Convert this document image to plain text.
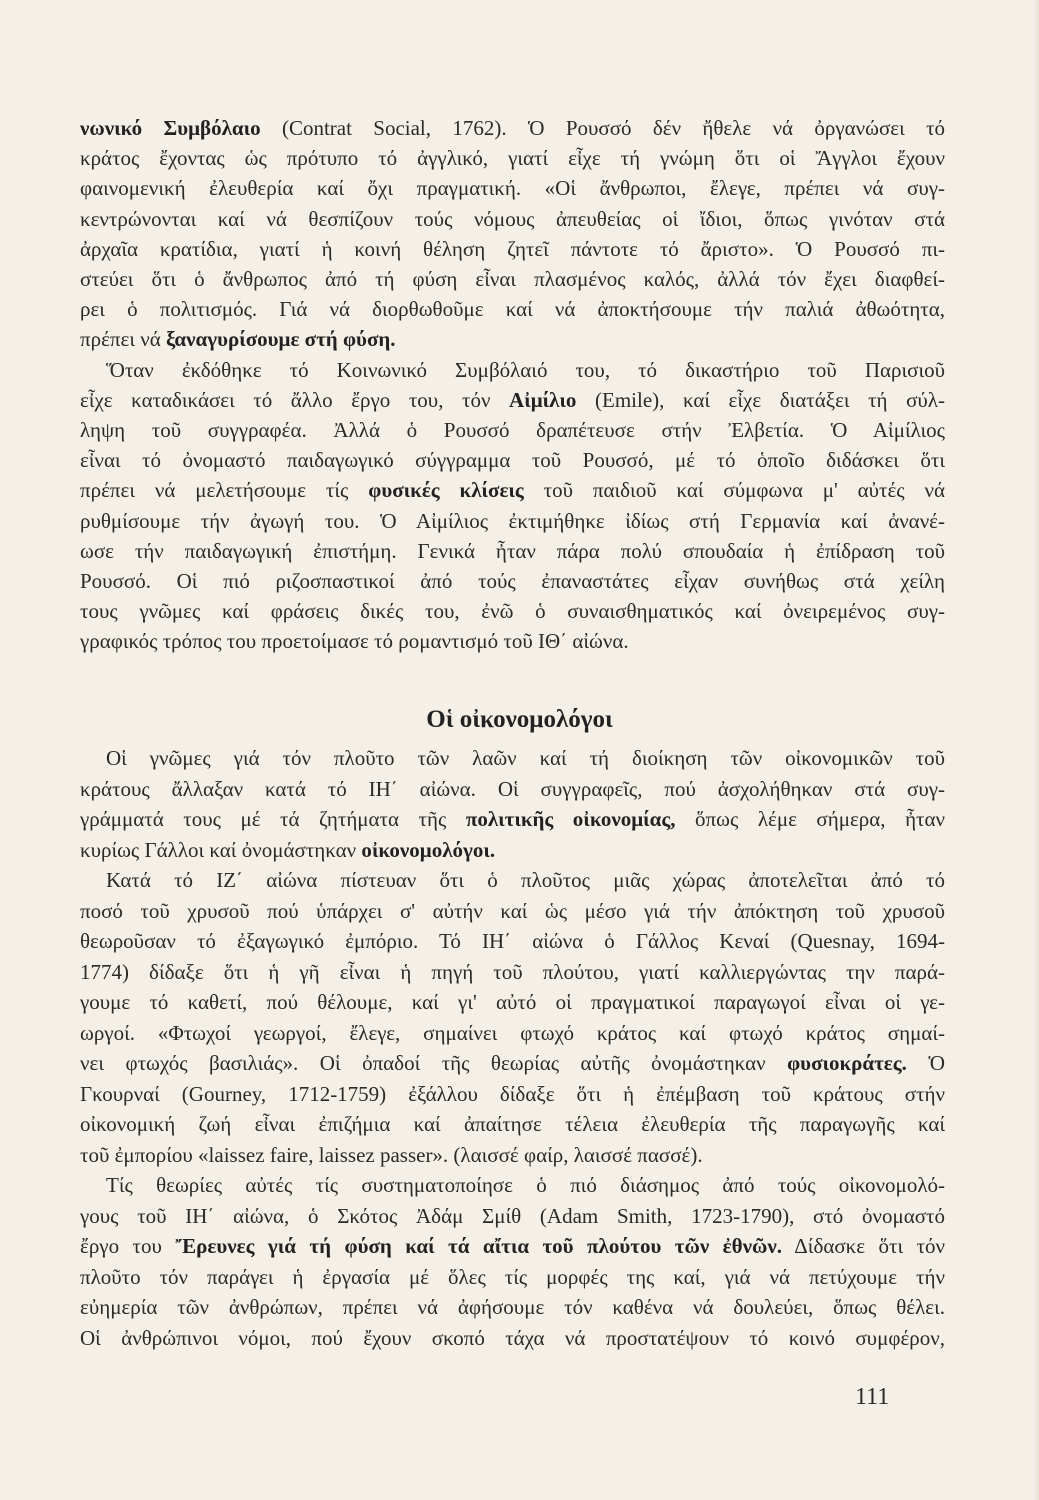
νωνικό Συμβόλαιο (Contrat Social, 1762). Ὁ Ρουσσό δέν ἤθελε νά ὀργανώσει τό
κράτος ἔχοντας ὡς πρότυπο τό ἀγγλικό, γιατί εἶχε τή γνώμη ὅτι οἱ Ἄγγλοι ἔχουν
φαινομενική ἐλευθερία καί ὄχι πραγματική. «Οἱ ἄνθρωποι, ἔλεγε, πρέπει νά συγ-
κεντρώνονται καί νά θεσπίζουν τούς νόμους ἀπευθείας οἱ ἴδιοι, ὅπως γινόταν στά
ἀρχαῖα κρατίδια, γιατί ἡ κοινή θέληση ζητεῖ πάντοτε τό ἄριστο». Ὁ Ρουσσό πι-
στεύει ὅτι ὁ ἄνθρωπος ἀπό τή φύση εἶναι πλασμένος καλός, ἀλλά τόν ἔχει διαφθεί-
ρει ὁ πολιτισμός. Γιά νά διορθωθοῦμε καί νά ἀποκτήσουμε τήν παλιά ἀθωότητα,
πρέπει νά ξαναγυρίσουμε στή φύση.
Ὅταν ἐκδόθηκε τό Κοινωνικό Συμβόλαιό του, τό δικαστήριο τοῦ Παρισιοῦ
εἶχε καταδικάσει τό ἄλλο ἔργο του, τόν Αἰμίλιο (Emile), καί εἶχε διατάξει τή σύλ-
ληψη τοῦ συγγραφέα. Ἀλλά ὁ Ρουσσό δραπέτευσε στήν Ἐλβετία. Ὁ Αἰμίλιος
εἶναι τό ὀνομαστό παιδαγωγικό σύγγραμμα τοῦ Ρουσσό, μέ τό ὁποῖο διδάσκει ὅτι
πρέπει νά μελετήσουμε τίς φυσικές κλίσεις τοῦ παιδιοῦ καί σύμφωνα μ' αὐτές νά
ρυθμίσουμε τήν ἀγωγή του. Ὁ Αἰμίλιος ἐκτιμήθηκε ἰδίως στή Γερμανία καί ἀνανέ-
ωσε τήν παιδαγωγική ἐπιστήμη. Γενικά ἦταν πάρα πολύ σπουδαία ἡ ἐπίδραση τοῦ
Ρουσσό. Οἱ πιό ριζοσπαστικοί ἀπό τούς ἐπαναστάτες εἶχαν συνήθως στά χείλη
τους γνῶμες καί φράσεις δικές του, ἐνῶ ὁ συναισθηματικός καί ὀνειρεμένος συγ-
γραφικός τρόπος του προετοίμασε τό ρομαντισμό τοῦ ΙΘ΄ αἰώνα.
Οἱ οἰκονομολόγοι
Οἱ γνῶμες γιά τόν πλοῦτο τῶν λαῶν καί τή διοίκηση τῶν οἰκονομικῶν τοῦ
κράτους ἄλλαξαν κατά τό ΙΗ΄ αἰώνα. Οἱ συγγραφεῖς, πού ἀσχολήθηκαν στά συγ-
γράμματά τους μέ τά ζητήματα τῆς πολιτικῆς οἰκονομίας, ὅπως λέμε σήμερα, ἦταν
κυρίως Γάλλοι καί ὀνομάστηκαν οἰκονομολόγοι.
Κατά τό ΙΖ΄ αἰώνα πίστευαν ὅτι ὁ πλοῦτος μιᾶς χώρας ἀποτελεῖται ἀπό τό
ποσό τοῦ χρυσοῦ πού ὑπάρχει σ' αὐτήν καί ὡς μέσο γιά τήν ἀπόκτηση τοῦ χρυσοῦ
θεωροῦσαν τό ἐξαγωγικό ἐμπόριο. Τό ΙΗ΄ αἰώνα ὁ Γάλλος Κεναί (Quesnay, 1694-
1774) δίδαξε ὅτι ἡ γῆ εἶναι ἡ πηγή τοῦ πλούτου, γιατί καλλιεργώντας την παρά-
γουμε τό καθετί, πού θέλουμε, καί γι' αὐτό οἱ πραγματικοί παραγωγοί εἶναι οἱ γε-
ωργοί. «Φτωχοί γεωργοί, ἔλεγε, σημαίνει φτωχό κράτος καί φτωχό κράτος σημαί-
νει φτωχός βασιλιάς». Οἱ ὀπαδοί τῆς θεωρίας αὐτῆς ὀνομάστηκαν φυσιοκράτες. Ὁ
Γκουρναί (Gourney, 1712-1759) ἐξάλλου δίδαξε ὅτι ἡ ἐπέμβαση τοῦ κράτους στήν
οἰκονομική ζωή εἶναι ἐπιζήμια καί ἀπαίτησε τέλεια ἐλευθερία τῆς παραγωγῆς καί
τοῦ ἐμπορίου «laissez faire, laissez passer». (λαισσέ φαίρ, λαισσέ πασσέ).
Τίς θεωρίες αὐτές τίς συστηματοποίησε ὁ πιό διάσημος ἀπό τούς οἰκονομολό-
γους τοῦ ΙΗ΄ αἰώνα, ὁ Σκότος Ἀδάμ Σμίθ (Adam Smith, 1723-1790), στό ὀνομαστό
ἔργο του Ἔρευνες γιά τή φύση καί τά αἴτια τοῦ πλούτου τῶν ἐθνῶν. Δίδασκε ὅτι τόν
πλοῦτο τόν παράγει ἡ ἐργασία μέ ὅλες τίς μορφές της καί, γιά νά πετύχουμε τήν
εὐημερία τῶν ἀνθρώπων, πρέπει νά ἀφήσουμε τόν καθένα νά δουλεύει, ὅπως θέλει.
Οἱ ἀνθρώπινοι νόμοι, πού ἔχουν σκοπό τάχα νά προστατέψουν τό κοινό συμφέρον,
111
